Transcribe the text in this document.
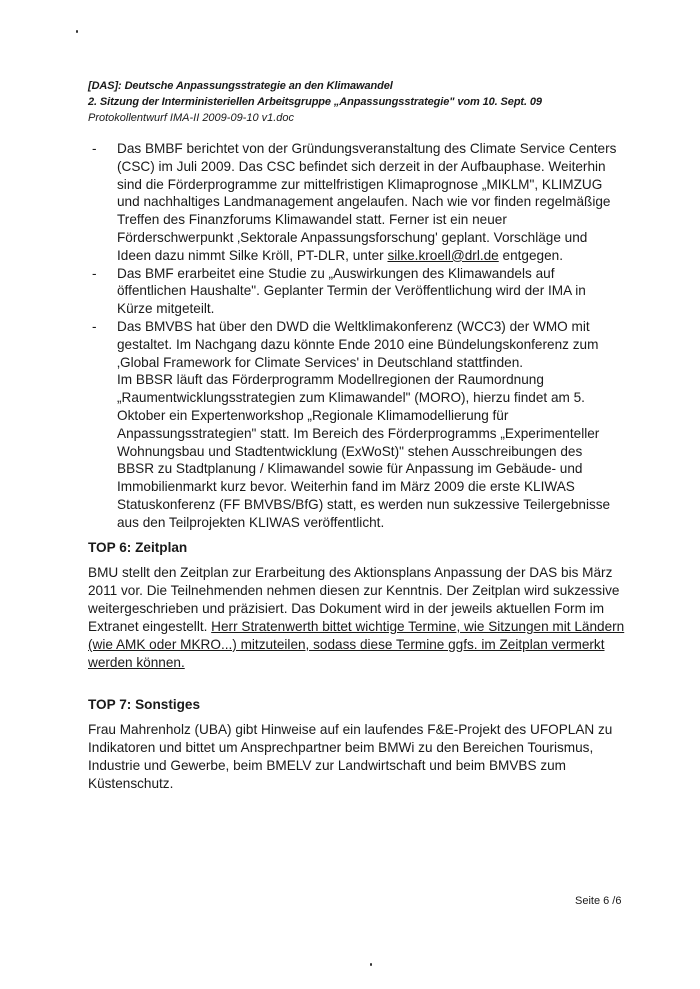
[DAS]: Deutsche Anpassungsstrategie an den Klimawandel
2. Sitzung der Interministeriellen Arbeitsgruppe „Anpassungsstrategie" vom 10. Sept. 09
Protokollentwurf IMA-II 2009-09-10 v1.doc
- Das BMBF berichtet von der Gründungsveranstaltung des Climate Service Centers (CSC) im Juli 2009. Das CSC befindet sich derzeit in der Aufbauphase. Weiterhin sind die Förderprogramme zur mittelfristigen Klimaprognose „MIKLM", KLIMZUG und nachhaltiges Landmanagement angelaufen. Nach wie vor finden regelmäßige Treffen des Finanzforums Klimawandel statt. Ferner ist ein neuer Förderschwerpunkt ‚Sektorale Anpassungsforschung' geplant. Vorschläge und Ideen dazu nimmt Silke Kröll, PT-DLR, unter silke.kroell@drl.de entgegen.

- Das BMF erarbeitet eine Studie zu „Auswirkungen des Klimawandels auf öffentlichen Haushalte". Geplanter Termin der Veröffentlichung wird der IMA in Kürze mitgeteilt.

- Das BMVBS hat über den DWD die Weltklimakonferenz (WCC3) der WMO mit gestaltet. Im Nachgang dazu könnte Ende 2010 eine Bündelungskonferenz zum ‚Global Framework for Climate Services' in Deutschland stattfinden.

Im BBSR läuft das Förderprogramm Modellregionen der Raumordnung „Raumentwicklungsstrategien zum Klimawandel" (MORO), hierzu findet am 5. Oktober ein Expertenworkshop „Regionale Klimamodellierung für Anpassungsstrategien" statt. Im Bereich des Förderprogramms „Experimenteller Wohnungsbau und Stadtentwicklung (ExWoSt)" stehen Ausschreibungen des BBSR zu Stadtplanung / Klimawandel sowie für Anpassung im Gebäude- und Immobilienmarkt kurz bevor. Weiterhin fand im März 2009 die erste KLIWAS Statuskonferenz (FF BMVBS/BfG) statt, es werden nun sukzessive Teilergebnisse aus den Teilprojekten KLIWAS veröffentlicht.

TOP 6: Zeitplan

BMU stellt den Zeitplan zur Erarbeitung des Aktionsplans Anpassung der DAS bis März 2011 vor. Die Teilnehmenden nehmen diesen zur Kenntnis. Der Zeitplan wird sukzessive weitergeschrieben und präzisiert. Das Dokument wird in der jeweils aktuellen Form im Extranet eingestellt. Herr Stratenwerth bittet wichtige Termine, wie Sitzungen mit Ländern (wie AMK oder MKRO...) mitzuteilen, sodass diese Termine ggfs. im Zeitplan vermerkt werden können.

TOP 7: Sonstiges

Frau Mahrenholz (UBA) gibt Hinweise auf ein laufendes F&E-Projekt des UFOPLAN zu Indikatoren und bittet um Ansprechpartner beim BMWi zu den Bereichen Tourismus, Industrie und Gewerbe, beim BMELV zur Landwirtschaft und beim BMVBS zum Küstenschutz.

Seite 6 /6
